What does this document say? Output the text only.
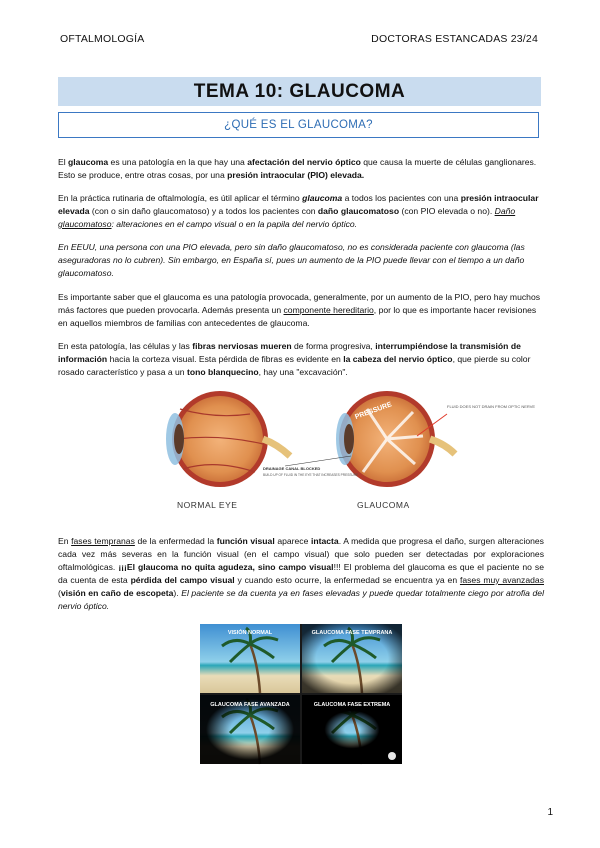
OFTALMOLOGÍA	DOCTORAS ESTANCADAS 23/24
TEMA 10: GLAUCOMA
¿QUÉ ES EL GLAUCOMA?

El glaucoma es una patología en la que hay una afectación del nervio óptico que causa la muerte de células ganglionares. Esto se produce, entre otras cosas, por una presión intraocular (PIO) elevada.

En la práctica rutinaria de oftalmología, es útil aplicar el término glaucoma a todos los pacientes con una presión intraocular elevada (con o sin daño glaucomatoso) y a todos los pacientes con daño glaucomatoso (con PIO elevada o no). Daño glaucomatoso: alteraciones en el campo visual o en la papila del nervio óptico.

En EEUU, una persona con una PIO elevada, pero sin daño glaucomatoso, no es considerada paciente con glaucoma (las aseguradoras no lo cubren). Sin embargo, en España sí, pues un aumento de la PIO puede llevar con el tiempo a un daño glaucomatoso.

Es importante saber que el glaucoma es una patología provocada, generalmente, por un aumento de la PIO, pero hay muchos más factores que pueden provocarla. Además presenta un componente hereditario, por lo que es importante hacer revisiones en aquellos miembros de familias con antecedentes de glaucoma.

En esta patología, las células y las fibras nerviosas mueren de forma progresiva, interrumpiéndose la transmisión de información hacia la corteza visual. Esta pérdida de fibras es evidente en la cabeza del nervio óptico, que pierde su color rosado característico y pasa a un tono blanquecino, hay una "excavación".

PRESSURE	FLUID DOES NOT DRAIN FROM OPTIC NERVE
DRAINAGE CANAL BLOCKED
BUILD UP OF FLUID IN THE EYE THAT INCREASES PRESSURE
NORMAL EYE	GLAUCOMA

En fases tempranas de la enfermedad la función visual aparece intacta. A medida que progresa el daño, surgen alteraciones cada vez más severas en la función visual (en el campo visual) que solo pueden ser detectadas por exploraciones oftalmológicas. ¡¡¡El glaucoma no quita agudeza, sino campo visual!!! El problema del glaucoma es que el paciente no se da cuenta de esta pérdida del campo visual y cuando esto ocurre, la enfermedad se encuentra ya en fases muy avanzadas (visión en caño de escopeta). El paciente se da cuenta ya en fases elevadas y puede quedar totalmente ciego por atrofia del nervio óptico.

VISIÓN NORMAL	GLAUCOMA FASE TEMPRANA
GLAUCOMA FASE AVANZADA	GLAUCOMA FASE EXTREMA
1
